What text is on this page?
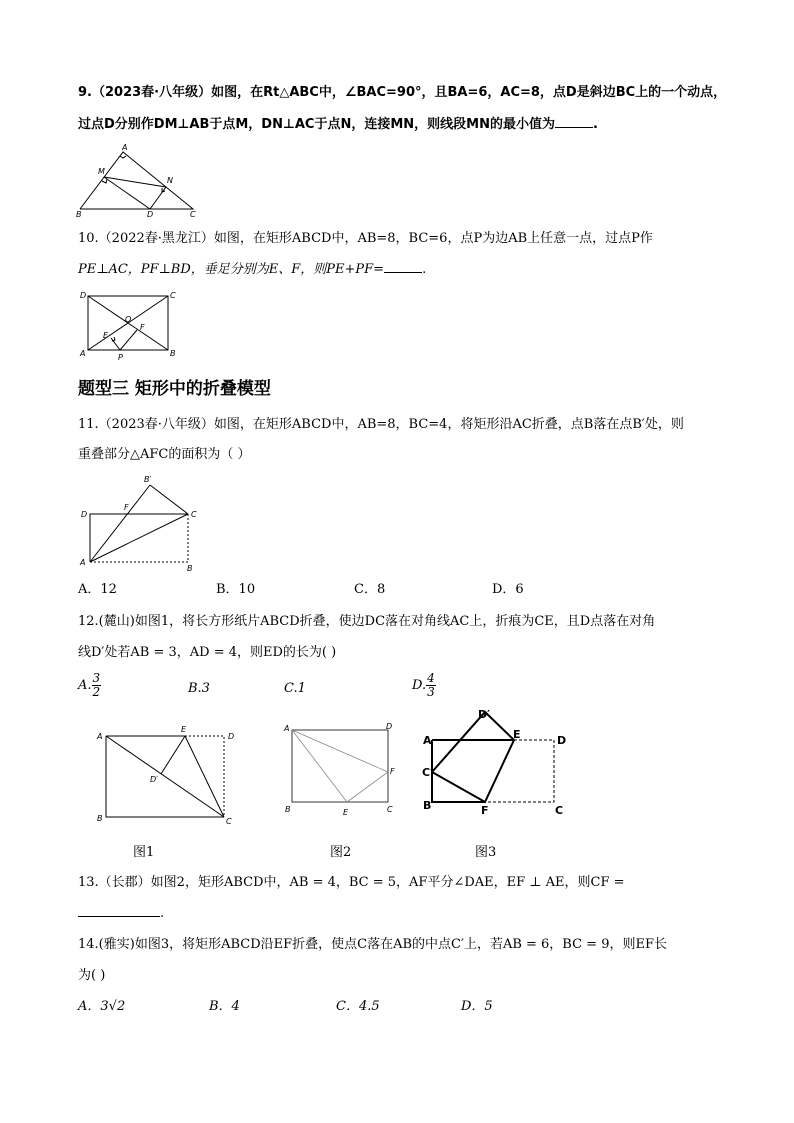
9.（2023春·八年级）如图，在Rt△ABC中，∠BAC=90°，且BA=6，AC=8，点D是斜边BC上的一个动点，
过点D分别作DM⊥AB于点M，DN⊥AC于点N，连接MN，则线段MN的最小值为	.
A
M
N
B	D	C
10.（2022春·黑龙江）如图，在矩形ABCD中，AB=8，BC=6，点P为边AB上任意一点，过点P作
PE⊥AC，PF⊥BD，垂足分别为E、F，则PE+PF=	.
D	C
O
F
E
A	P	B
题型三 矩形中的折叠模型
11.（2023春·八年级）如图，在矩形ABCD中，AB=8，BC=4，将矩形沿AC折叠，点B落在点B′处，则
重叠部分△AFC的面积为（ ）
B′
D
F
C
A
B
A．12	B．10	C．8	D．6
12.(麓山)如图1，将长方形纸片ABCD折叠，使边DC落在对角线AC上，折痕为CE，且D点落在对角
线D′处若AB = 3，AD = 4，则ED的长为( )
A. $\frac{3}{2}$	B.3	C.1	D. $\frac{4}{3}$
A
E
D
D′
B	C
A	D
F
B	E	C
D′
A	E	D
C′
B	F	C
图1	图2	图3
13.（长郡）如图2，矩形ABCD中，AB = 4，BC = 5，AF平分∠DAE，EF ⊥ AE，则CF =
.
14.(雅实)如图3，将矩形ABCD沿EF折叠，使点C落在AB的中点C′上，若AB = 6，BC = 9，则EF长
为( )
A．3√2	B．4	C．4.5	D．5
